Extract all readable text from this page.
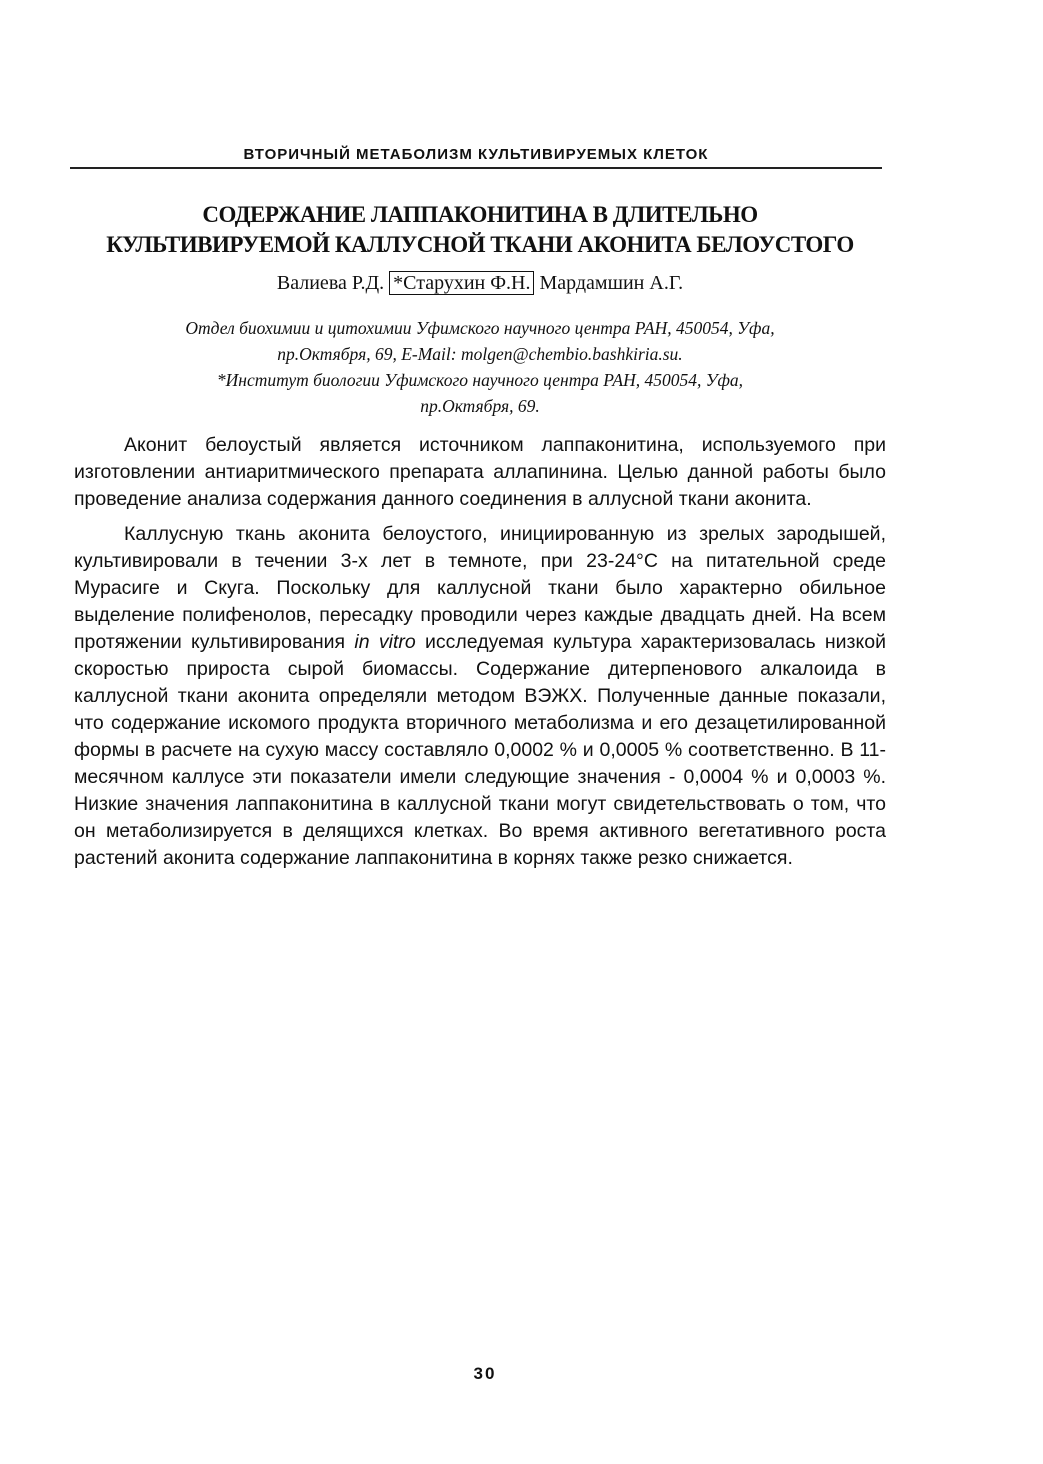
ВТОРИЧНЫЙ МЕТАБОЛИЗМ КУЛЬТИВИРУЕМЫХ КЛЕТОК
СОДЕРЖАНИЕ ЛАППАКОНИТИНА В ДЛИТЕЛЬНО
КУЛЬТИВИРУЕМОЙ КАЛЛУСНОЙ ТКАНИ АКОНИТА БЕЛОУСТОГО
Валиева Р.Д. *Старухин Ф.Н. Мардамшин А.Г.
Отдел биохимии и цитохимии Уфимского научного центра РАН, 450054, Уфа,
пр.Октября, 69, E-Mail: molgen@chembio.bashkiria.su.
*Институт биологии Уфимского научного центра РАН, 450054, Уфа,
пр.Октября, 69.

Аконит белоустый является источником лаппаконитина, используемого при изготовлении антиаритмического препарата аллапинина. Целью данной работы было проведение анализа содержания данного соединения в аллусной ткани аконита.

Каллусную ткань аконита белоустого, инициированную из зрелых зародышей, культивировали в течении 3-х лет в темноте, при 23-24°С на питательной среде Мурасиге и Скуга. Поскольку для каллусной ткани было характерно обильное выделение полифенолов, пересадку проводили через каждые двадцать дней. На всем протяжении культивирования in vitro исследуемая культура характеризовалась низкой скоростью прироста сырой биомассы. Содержание дитерпенового алкалоида в каллусной ткани аконита определяли методом ВЭЖХ. Полученные данные показали, что содержание искомого продукта вторичного метаболизма и его дезацетилированной формы в расчете на сухую массу составляло 0,0002 % и 0,0005 % соответственно. В 11-месячном каллусе эти показатели имели следующие значения - 0,0004 % и 0,0003 %. Низкие значения лаппаконитина в каллусной ткани могут свидетельствовать о том, что он метаболизируется в делящихся клетках. Во время активного вегетативного роста растений аконита содержание лаппаконитина в корнях также резко снижается.

30
